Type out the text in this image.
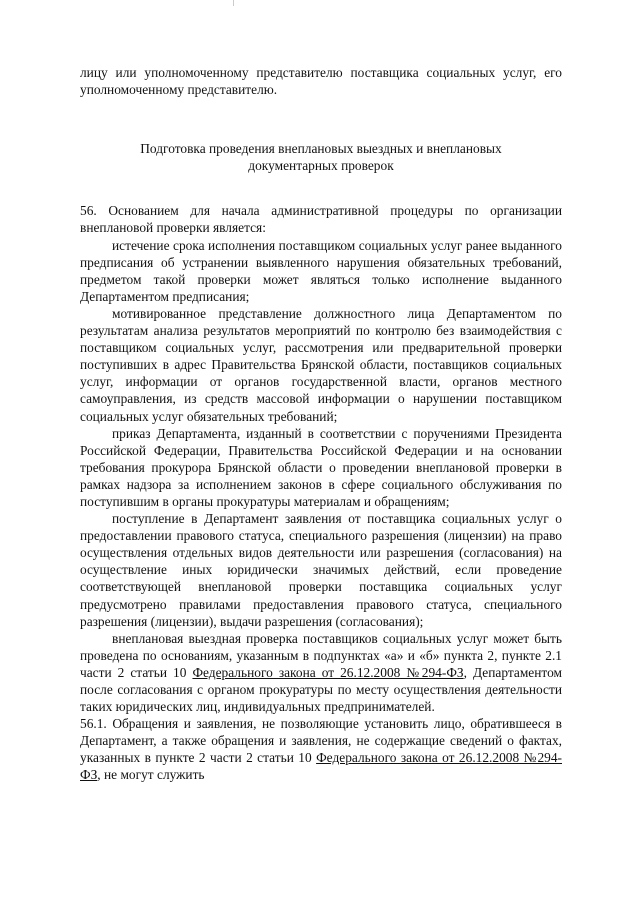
лицу или уполномоченному представителю поставщика социальных услуг, его уполномоченному представителю.

Подготовка проведения внеплановых выездных и внеплановых

документарных проверок

56. Основанием для начала административной процедуры по организации внеплановой проверки является:

истечение срока исполнения поставщиком социальных услуг ранее выданного предписания об устранении выявленного нарушения обязательных требований, предметом такой проверки может являться только исполнение выданного Департаментом предписания;

мотивированное представление должностного лица Департаментом по результатам анализа результатов мероприятий по контролю без взаимодействия с поставщиком социальных услуг, рассмотрения или предварительной проверки поступивших в адрес Правительства Брянской области, поставщиков социальных услуг, информации от органов государственной власти, органов местного самоуправления, из средств массовой информации о нарушении поставщиком социальных услуг обязательных требований;

приказ Департамента, изданный в соответствии с поручениями Президента Российской Федерации, Правительства Российской Федерации и на основании требования прокурора Брянской области о проведении внеплановой проверки в рамках надзора за исполнением законов в сфере социального обслуживания по поступившим в органы прокуратуры материалам и обращениям;

поступление в Департамент заявления от поставщика социальных услуг о предоставлении правового статуса, специального разрешения (лицензии) на право осуществления отдельных видов деятельности или разрешения (согласования) на осуществление иных юридически значимых действий, если проведение соответствующей внеплановой проверки поставщика социальных услуг предусмотрено правилами предоставления правового статуса, специального разрешения (лицензии), выдачи разрешения (согласования);

внеплановая выездная проверка поставщиков социальных услуг может быть проведена по основаниям, указанным в подпунктах «а» и «б» пункта 2, пункте 2.1 части 2 статьи 10 Федерального закона от 26.12.2008 №294-ФЗ, Департаментом после согласования с органом прокуратуры по месту осуществления деятельности таких юридических лиц, индивидуальных предпринимателей.

56.1. Обращения и заявления, не позволяющие установить лицо, обратившееся в Департамент, а также обращения и заявления, не содержащие сведений о фактах, указанных в пункте 2 части 2 статьи 10 Федерального закона от 26.12.2008 №294-ФЗ, не могут служить
